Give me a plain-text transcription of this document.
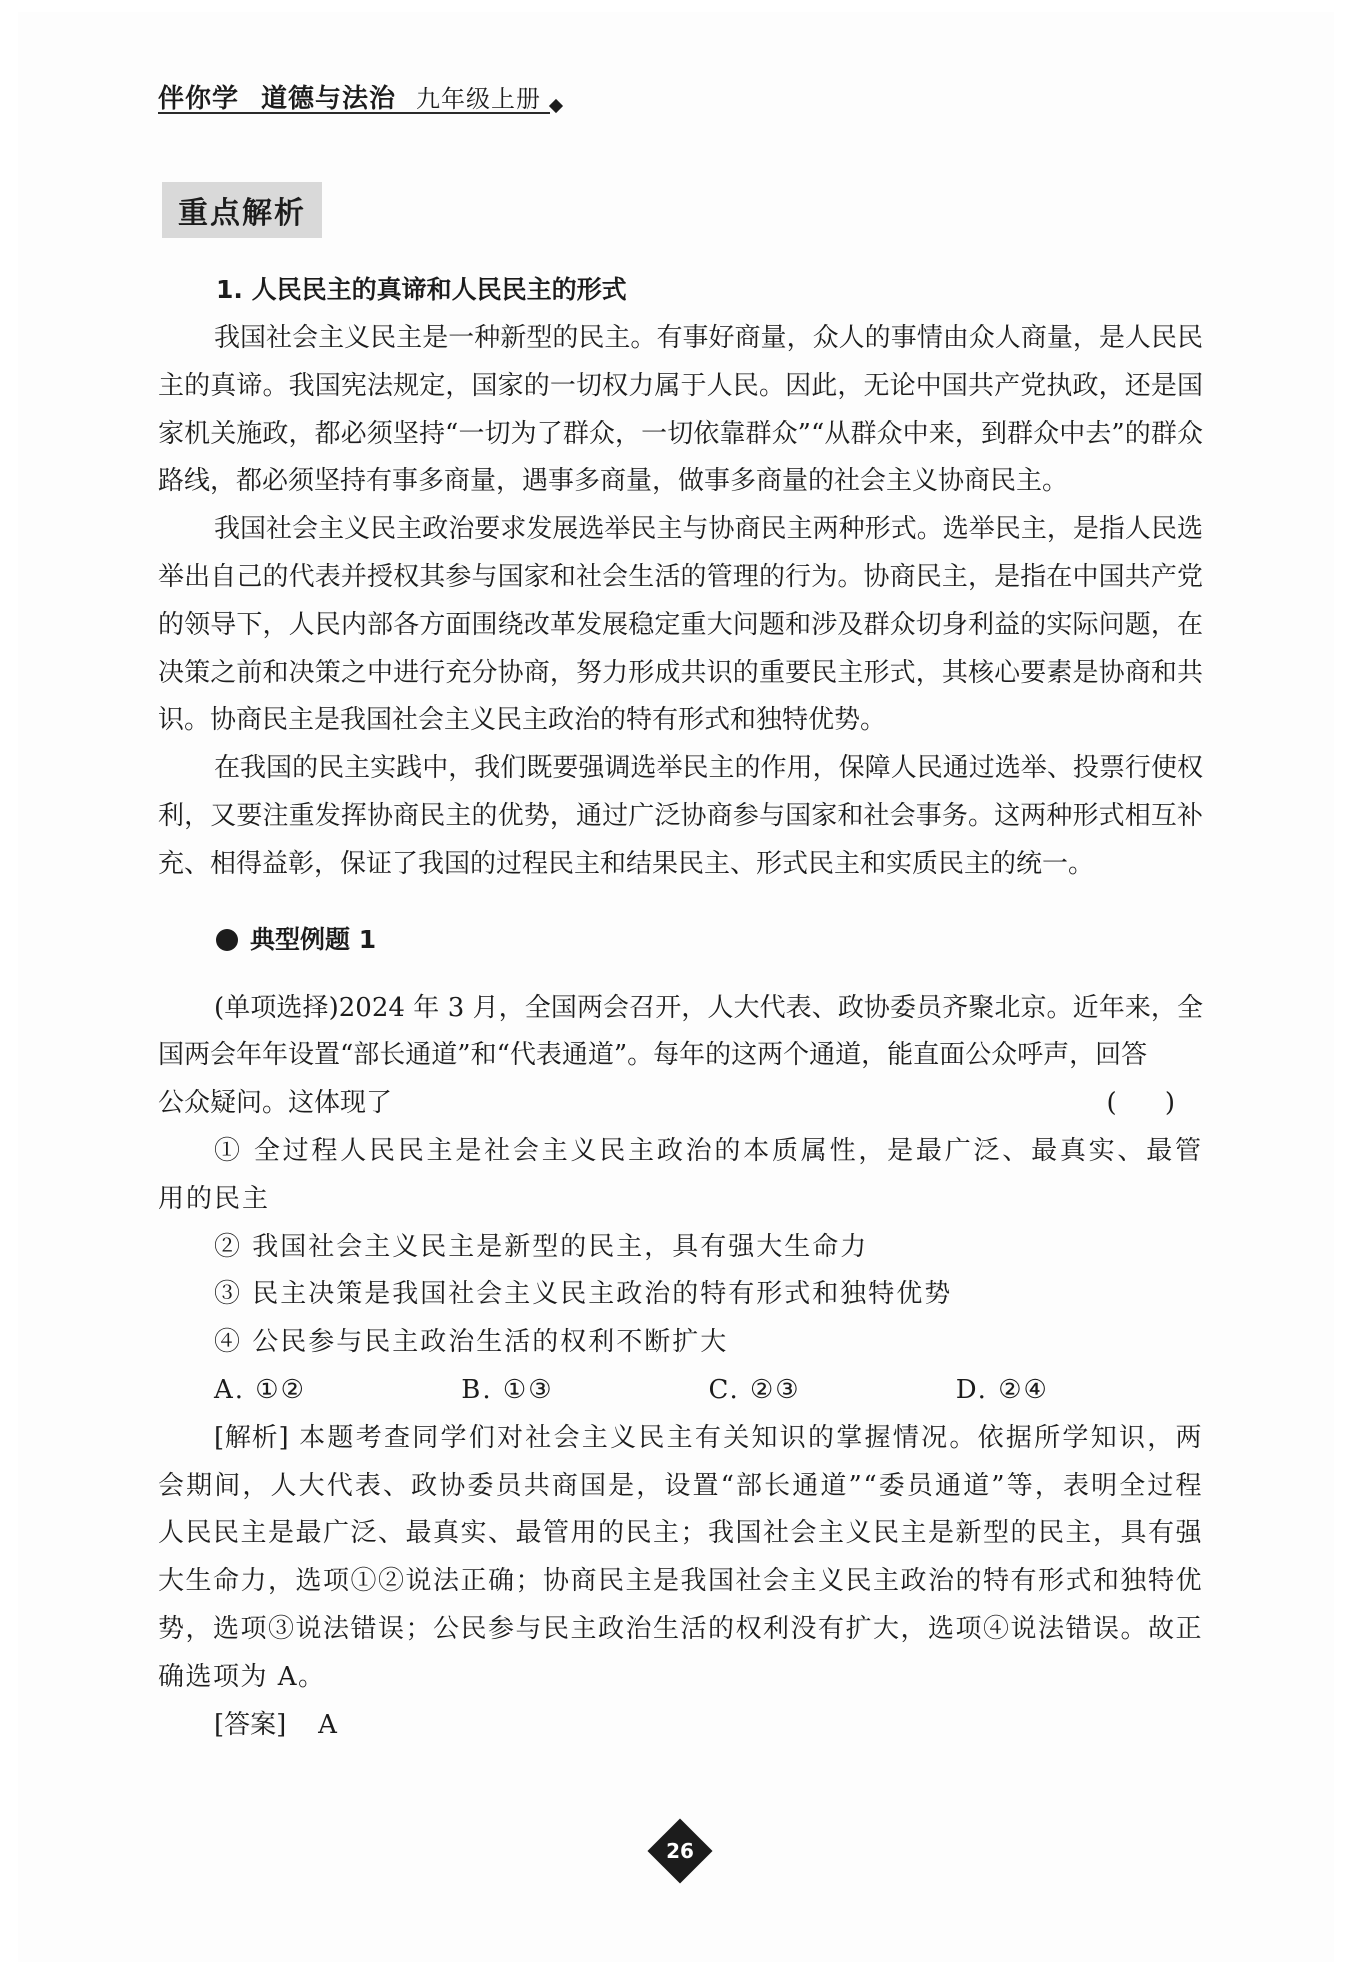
伴你学 道德与法治 九年级上册
重点解析

1. 人民民主的真谛和人民民主的形式

我国社会主义民主是一种新型的民主。有事好商量，众人的事情由众人商量，是人民民主的真谛。我国宪法规定，国家的一切权力属于人民。因此，无论中国共产党执政，还是国家机关施政，都必须坚持“一切为了群众，一切依靠群众”“从群众中来，到群众中去”的群众路线，都必须坚持有事多商量，遇事多商量，做事多商量的社会主义协商民主。

我国社会主义民主政治要求发展选举民主与协商民主两种形式。选举民主，是指人民选举出自己的代表并授权其参与国家和社会生活的管理的行为。协商民主，是指在中国共产党的领导下，人民内部各方面围绕改革发展稳定重大问题和涉及群众切身利益的实际问题，在决策之前和决策之中进行充分协商，努力形成共识的重要民主形式，其核心要素是协商和共识。协商民主是我国社会主义民主政治的特有形式和独特优势。

在我国的民主实践中，我们既要强调选举民主的作用，保障人民通过选举、投票行使权利，又要注重发挥协商民主的优势，通过广泛协商参与国家和社会事务。这两种形式相互补充、相得益彰，保证了我国的过程民主和结果民主、形式民主和实质民主的统一。

典型例题 1

(单项选择)2024 年 3 月，全国两会召开，人大代表、政协委员齐聚北京。近年来，全国两会年年设置“部长通道”和“代表通道”。每年的这两个通道，能直面公众呼声，回答

公众疑问。这体现了	( )

① 全过程人民民主是社会主义民主政治的本质属性，是最广泛、最真实、最管用的民主

② 我国社会主义民主是新型的民主，具有强大生命力

③ 民主决策是我国社会主义民主政治的特有形式和独特优势

④ 公民参与民主政治生活的权利不断扩大

A. ①②	B. ①③	C. ②③	D. ②④

[解析] 本题考查同学们对社会主义民主有关知识的掌握情况。依据所学知识，两会期间，人大代表、政协委员共商国是，设置“部长通道”“委员通道”等，表明全过程人民民主是最广泛、最真实、最管用的民主；我国社会主义民主是新型的民主，具有强大生命力，选项①②说法正确；协商民主是我国社会主义民主政治的特有形式和独特优势，选项③说法错误；公民参与民主政治生活的权利没有扩大，选项④说法错误。故正确选项为 A。

[答案] A

26
